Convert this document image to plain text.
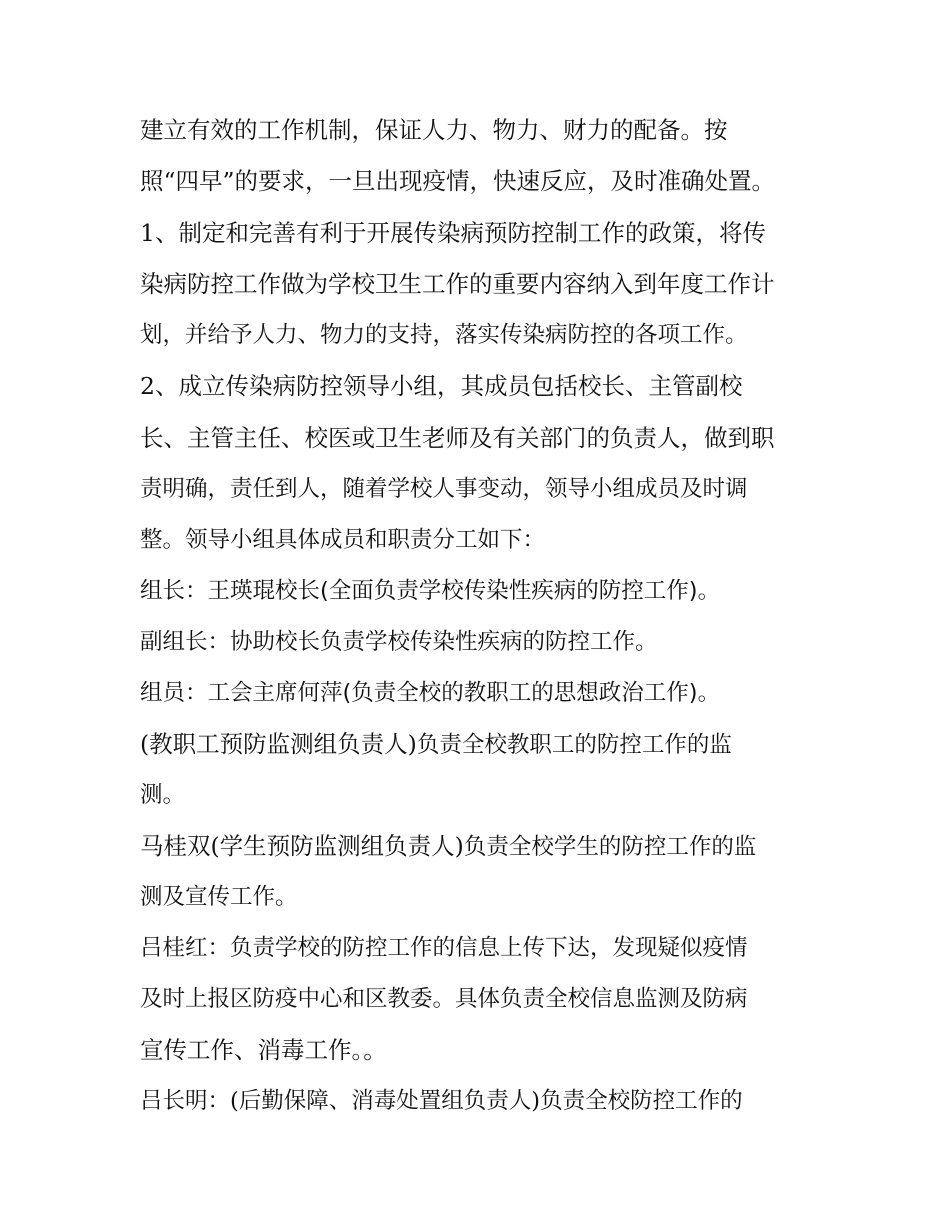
建立有效的工作机制，保证人力、物力、财力的配备。按
照“四早”的要求，一旦出现疫情，快速反应，及时准确处置。
1、制定和完善有利于开展传染病预防控制工作的政策，将传
染病防控工作做为学校卫生工作的重要内容纳入到年度工作计
划，并给予人力、物力的支持，落实传染病防控的各项工作。
2、成立传染病防控领导小组，其成员包括校长、主管副校
长、主管主任、校医或卫生老师及有关部门的负责人，做到职
责明确，责任到人，随着学校人事变动，领导小组成员及时调
整。领导小组具体成员和职责分工如下：
组长：王瑛琨校长(全面负责学校传染性疾病的防控工作)。
副组长：协助校长负责学校传染性疾病的防控工作。
组员：工会主席何萍(负责全校的教职工的思想政治工作)。
(教职工预防监测组负责人)负责全校教职工的防控工作的监
测。
马桂双(学生预防监测组负责人)负责全校学生的防控工作的监
测及宣传工作。
吕桂红：负责学校的防控工作的信息上传下达，发现疑似疫情
及时上报区防疫中心和区教委。具体负责全校信息监测及防病
宣传工作、消毒工作。。
吕长明：(后勤保障、消毒处置组负责人)负责全校防控工作的
